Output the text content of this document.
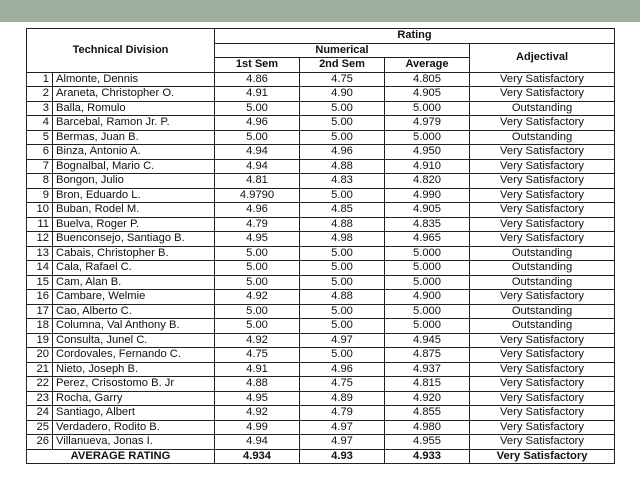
Technical Division		Rating			
		Numerical			Adjectival
		1st Sem	2nd Sem	Average	
1	Almonte, Dennis	4.86	4.75	4.805	Very Satisfactory
2	Araneta, Christopher O.	4.91	4.90	4.905	Very Satisfactory
3	Balla, Romulo	5.00	5.00	5.000	Outstanding
4	Barcebal, Ramon Jr. P.	4.96	5.00	4.979	Very Satisfactory
5	Bermas, Juan B.	5.00	5.00	5.000	Outstanding
6	Binza, Antonio A.	4.94	4.96	4.950	Very Satisfactory
7	Bognalbal, Mario C.	4.94	4.88	4.910	Very Satisfactory
8	Bongon, Julio	4.81	4.83	4.820	Very Satisfactory
9	Bron, Eduardo L.	4.9790	5.00	4.990	Very Satisfactory
10	Buban, Rodel M.	4.96	4.85	4.905	Very Satisfactory
11	Buelva, Roger P.	4.79	4.88	4.835	Very Satisfactory
12	Buenconsejo, Santiago B.	4.95	4.98	4.965	Very Satisfactory
13	Cabais, Christopher B.	5.00	5.00	5.000	Outstanding
14	Cala, Rafael C.	5.00	5.00	5.000	Outstanding
15	Cam, Alan B.	5.00	5.00	5.000	Outstanding
16	Cambare, Welmie	4.92	4.88	4.900	Very Satisfactory
17	Cao, Alberto C.	5.00	5.00	5.000	Outstanding
18	Columna, Val Anthony B.	5.00	5.00	5.000	Outstanding
19	Consulta, Junel C.	4.92	4.97	4.945	Very Satisfactory
20	Cordovales, Fernando C.	4.75	5.00	4.875	Very Satisfactory
21	Nieto, Joseph B.	4.91	4.96	4.937	Very Satisfactory
22	Perez, Crisostomo B. Jr	4.88	4.75	4.815	Very Satisfactory
23	Rocha, Garry	4.95	4.89	4.920	Very Satisfactory
24	Santiago, Albert	4.92	4.79	4.855	Very Satisfactory
25	Verdadero, Rodito B.	4.99	4.97	4.980	Very Satisfactory
26	Villanueva, Jonas I.	4.94	4.97	4.955	Very Satisfactory
AVERAGE RATING		4.934	4.93	4.933	Very Satisfactory
